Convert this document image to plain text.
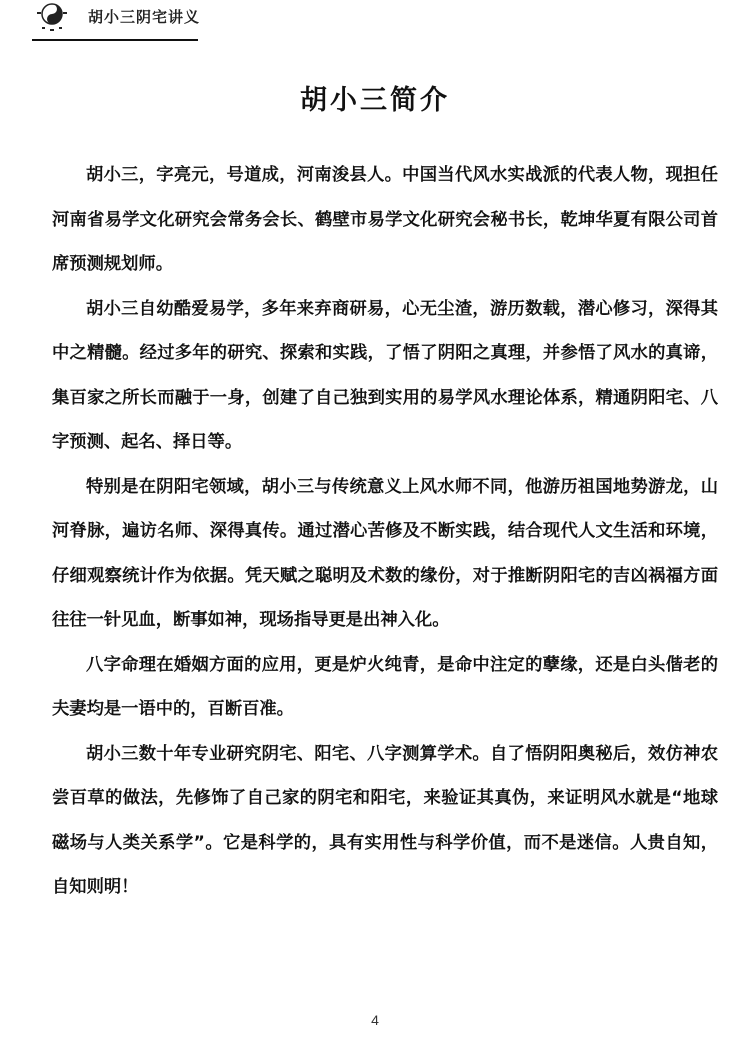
胡小三阴宅讲义
胡小三简介

胡小三，字亮元，号道成，河南浚县人。中国当代风水实战派的代表人物，现担任河南省易学文化研究会常务会长、鹤壁市易学文化研究会秘书长，乾坤华夏有限公司首席预测规划师。

胡小三自幼酷爱易学，多年来弃商研易，心无尘渣，游历数载，潜心修习，深得其中之精髓。经过多年的研究、探索和实践，了悟了阴阳之真理，并参悟了风水的真谛，集百家之所长而融于一身，创建了自己独到实用的易学风水理论体系，精通阴阳宅、八字预测、起名、择日等。

特别是在阴阳宅领域，胡小三与传统意义上风水师不同，他游历祖国地势游龙，山河脊脉，遍访名师、深得真传。通过潜心苦修及不断实践，结合现代人文生活和环境，仔细观察统计作为依据。凭天赋之聪明及术数的缘份，对于推断阴阳宅的吉凶祸福方面往往一针见血，断事如神，现场指导更是出神入化。

八字命理在婚姻方面的应用，更是炉火纯青，是命中注定的孽缘，还是白头偕老的夫妻均是一语中的，百断百准。

胡小三数十年专业研究阴宅、阳宅、八字测算学术。自了悟阴阳奥秘后，效仿神农尝百草的做法，先修饰了自己家的阴宅和阳宅，来验证其真伪，来证明风水就是“地球磁场与人类关系学”。它是科学的，具有实用性与科学价值，而不是迷信。人贵自知，自知则明！

4
